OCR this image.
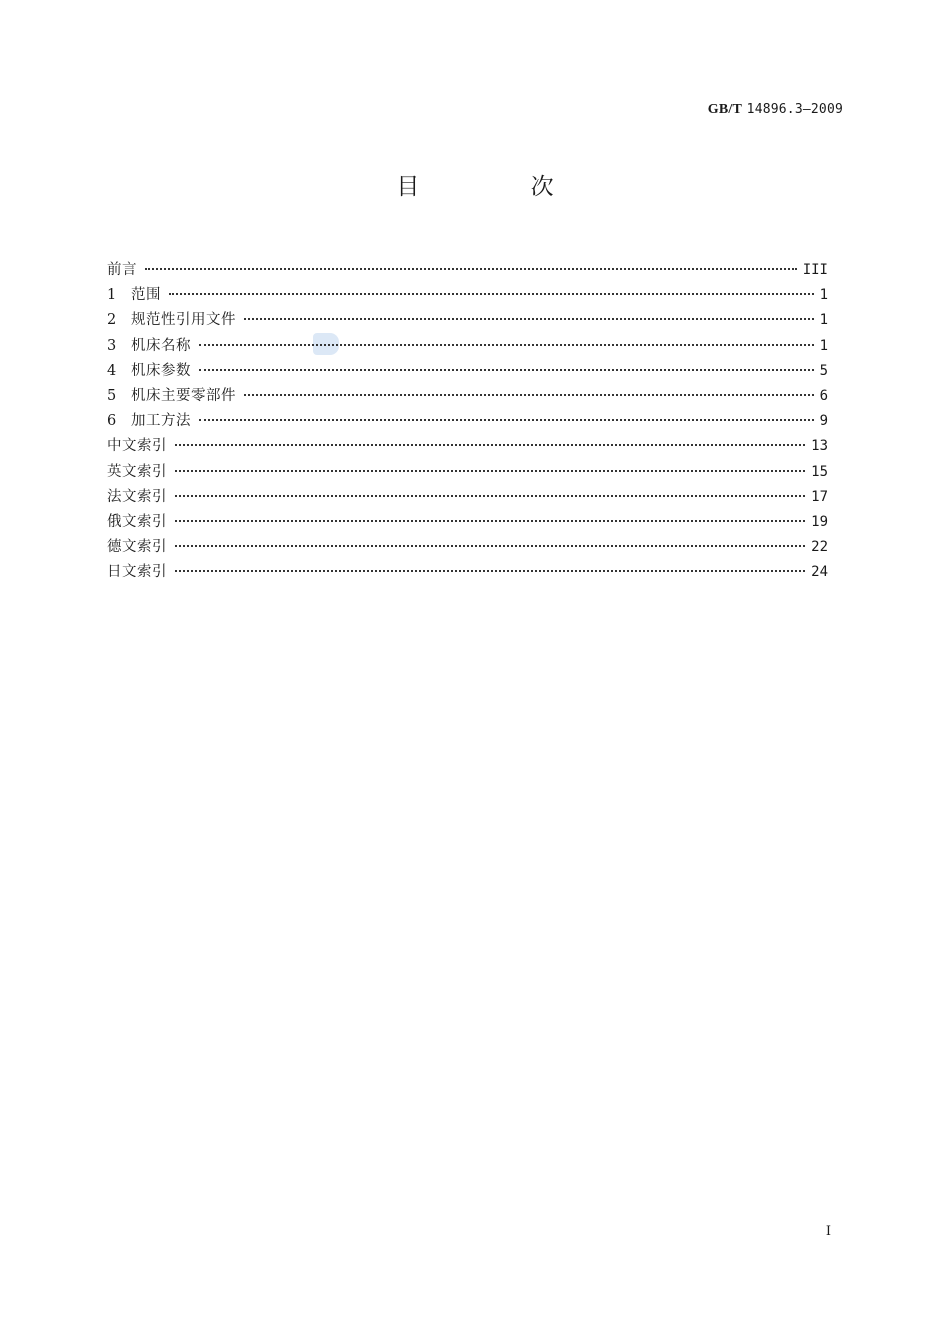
GB/T 14896.3—2009
目 次
前言	III
1	范围	1
2	规范性引用文件	1
3	机床名称	1
4	机床参数	5
5	机床主要零部件	6
6	加工方法	9
中文索引	13
英文索引	15
法文索引	17
俄文索引	19
德文索引	22
日文索引	24
I
